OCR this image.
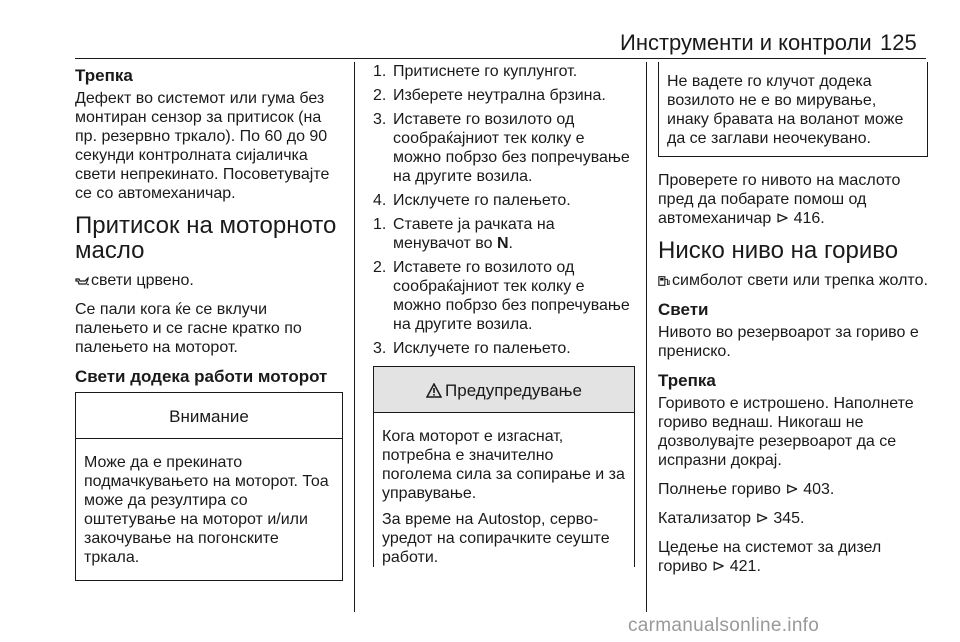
Инструменти и контроли 125
Трепка

Дефект во системот или гума без монтиран сензор за притисок (на пр. резервно тркало). По 60 до 90 секунди контролната сијаличка свети непрекинато. Посоветувајте се со автомеханичар.

Притисок на моторното масло

свети црвено.

Се пали кога ќе се вклучи палењето и се гасне кратко по палењето на моторот.

Свети додека работи моторот
Внимание

Може да е прекинато подмачкувањето на моторот. Тоа може да резултира со оштетување на моторот и/или закочување на погонските тркала.

1. Притиснете го куплунгот.
2. Изберете неутрална брзина.
3. Иставете го возилото од сообраќајниот тек колку е можно побрзо без попречување на другите возила.
4. Исклучете го палењето.
1. Ставете ја рачката на менувачот во N.
2. Иставете го возилото од сообраќајниот тек колку е можно побрзо без попречување на другите возила.
3. Исклучете го палењето.
Предупредување

Кога моторот е изгаснат, потребна е значително поголема сила за сопирање и за управување.

За време на Autostop, серво-уредот на сопирачките сеуште работи.

Не вадете го клучот додека возилото не е во мирување, инаку бравата на воланот може да се заглави неочекувано.

Проверете го нивото на маслото пред да побарате помош од автомеханичар ⊳ 416.

Ниско ниво на гориво

симболот свети или трепка жолто.

Свети

Нивото во резервоарот за гориво е прениско.

Трепка

Горивото е истрошено. Наполнете гориво веднаш. Никогаш не дозволувајте резервоарот да се испразни докрај.

Полнење гориво ⊳ 403.

Катализатор ⊳ 345.

Цедење на системот за дизел гориво ⊳ 421.

carmanualsonline.info
